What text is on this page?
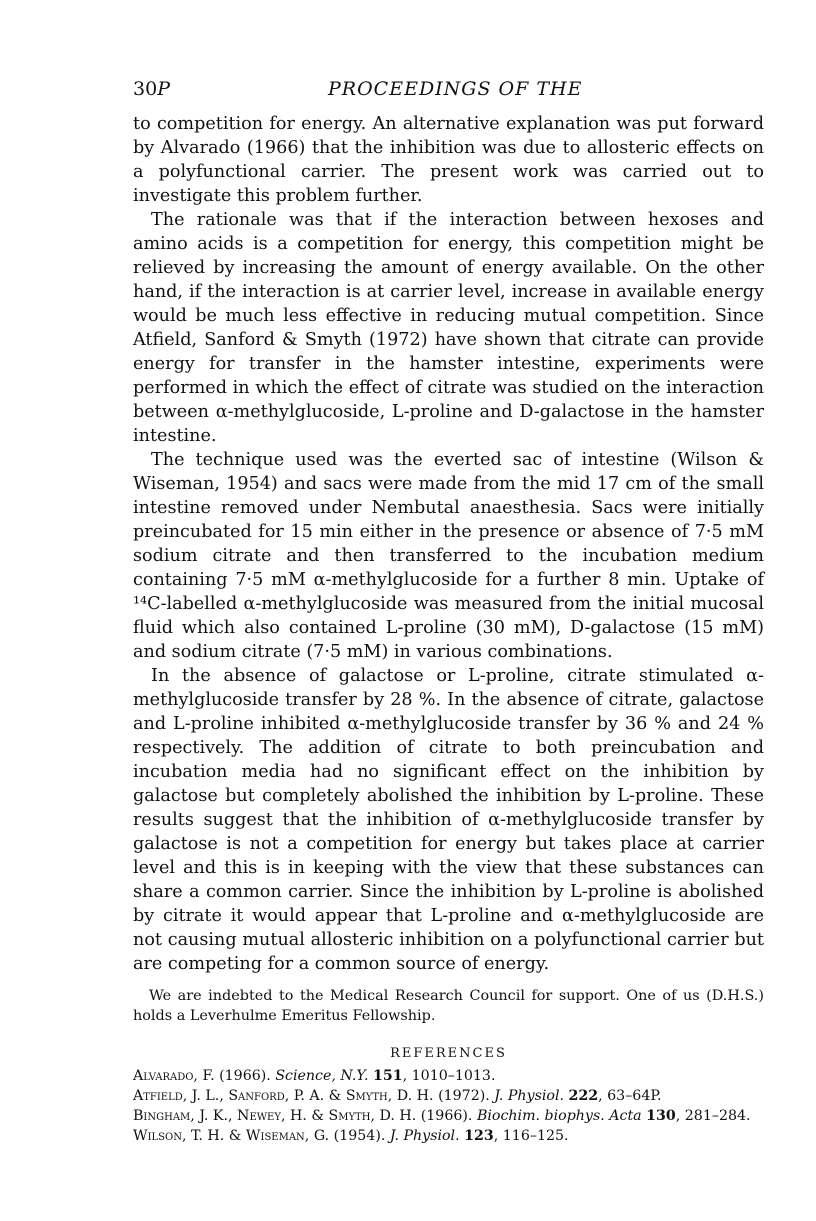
30P	PROCEEDINGS OF THE

to competition for energy. An alternative explanation was put forward by Alvarado (1966) that the inhibition was due to allosteric effects on a polyfunctional carrier. The present work was carried out to investigate this problem further.

The rationale was that if the interaction between hexoses and amino acids is a competition for energy, this competition might be relieved by increasing the amount of energy available. On the other hand, if the interaction is at carrier level, increase in available energy would be much less effective in reducing mutual competition. Since Atfield, Sanford & Smyth (1972) have shown that citrate can provide energy for transfer in the hamster intestine, experiments were performed in which the effect of citrate was studied on the interaction between α-methylglucoside, L-proline and D-galactose in the hamster intestine.

The technique used was the everted sac of intestine (Wilson & Wiseman, 1954) and sacs were made from the mid 17 cm of the small intestine removed under Nembutal anaesthesia. Sacs were initially preincubated for 15 min either in the presence or absence of 7·5 mM sodium citrate and then transferred to the incubation medium containing 7·5 mM α-methylglucoside for a further 8 min. Uptake of ¹⁴C-labelled α-methylglucoside was measured from the initial mucosal fluid which also contained L-proline (30 mM), D-galactose (15 mM) and sodium citrate (7·5 mM) in various combinations.

In the absence of galactose or L-proline, citrate stimulated α-methylglucoside transfer by 28 %. In the absence of citrate, galactose and L-proline inhibited α-methylglucoside transfer by 36 % and 24 % respectively. The addition of citrate to both preincubation and incubation media had no significant effect on the inhibition by galactose but completely abolished the inhibition by L-proline. These results suggest that the inhibition of α-methylglucoside transfer by galactose is not a competition for energy but takes place at carrier level and this is in keeping with the view that these substances can share a common carrier. Since the inhibition by L-proline is abolished by citrate it would appear that L-proline and α-methylglucoside are not causing mutual allosteric inhibition on a polyfunctional carrier but are competing for a common source of energy.

We are indebted to the Medical Research Council for support. One of us (D.H.S.) holds a Leverhulme Emeritus Fellowship.
REFERENCES
Alvarado, F. (1966). Science, N.Y. 151, 1010–1013.
Atfield, J. L., Sanford, P. A. & Smyth, D. H. (1972). J. Physiol. 222, 63–64P.
Bingham, J. K., Newey, H. & Smyth, D. H. (1966). Biochim. biophys. Acta 130, 281–284.
Wilson, T. H. & Wiseman, G. (1954). J. Physiol. 123, 116–125.
